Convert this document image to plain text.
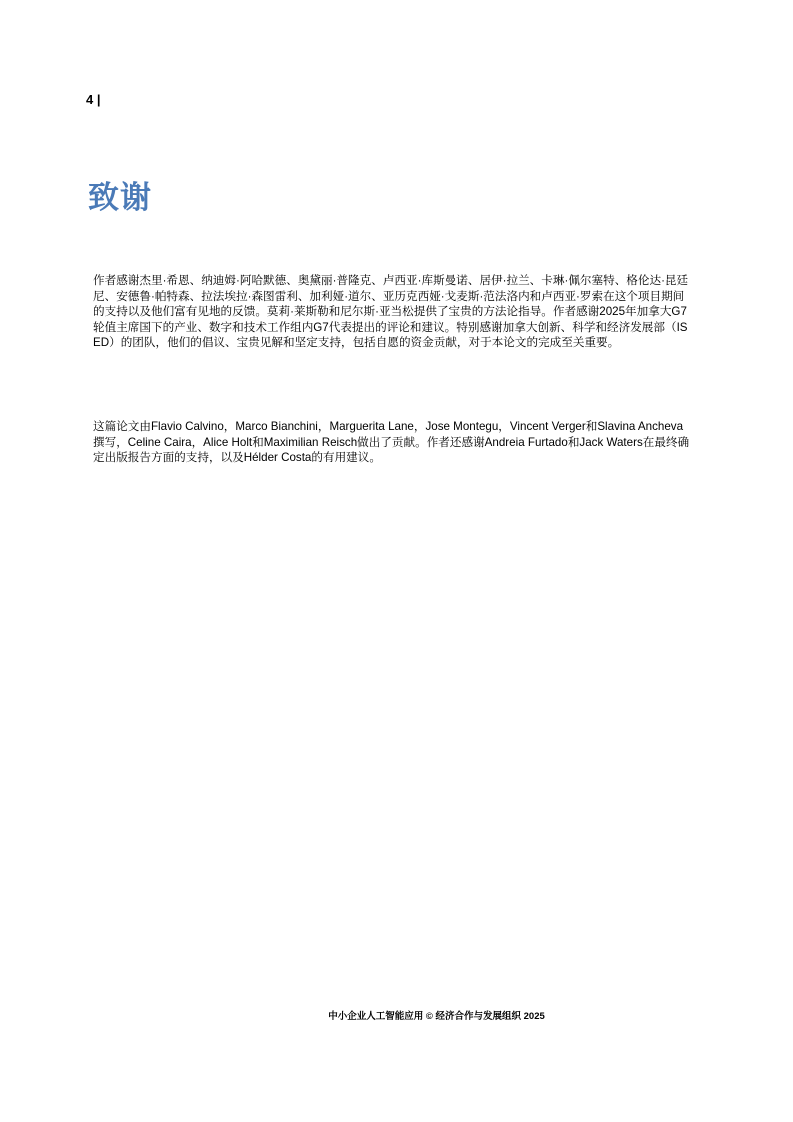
4 |
致谢
作者感谢杰里·希恩、纳迪姆·阿哈默德、奥黛丽·普隆克、卢西亚·库斯曼诺、居伊·拉兰、卡琳·佩尔塞特、格伦达·昆廷
尼、安德鲁·帕特森、拉法埃拉·森图雷利、加利娅·道尔、亚历克西娅·戈麦斯·范法洛内和卢西亚·罗索在这个项目期间
的支持以及他们富有见地的反馈。莫莉·莱斯勒和尼尔斯·亚当松提供了宝贵的方法论指导。作者感谢2025年加拿大G7
轮值主席国下的产业、数字和技术工作组内G7代表提出的评论和建议。特别感谢加拿大创新、科学和经济发展部（IS
ED）的团队，他们的倡议、宝贵见解和坚定支持，包括自愿的资金贡献，对于本论文的完成至关重要。
这篇论文由Flavio Calvino，Marco Bianchini，Marguerita Lane，Jose Montegu，Vincent Verger和Slavina Ancheva
撰写，Celine Caira，Alice Holt和Maximilian Reisch做出了贡献。作者还感谢Andreia Furtado和Jack Waters在最终确
定出版报告方面的支持，以及Hélder Costa的有用建议。
中小企业人工智能应用 © 经济合作与发展组织 2025
